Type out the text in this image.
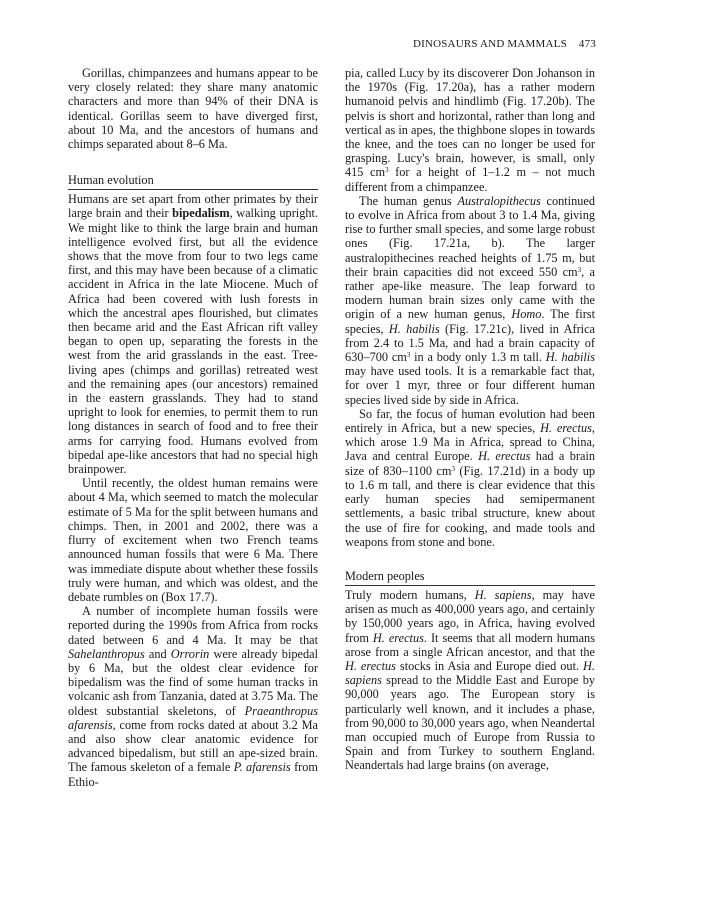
DINOSAURS AND MAMMALS 473

Gorillas, chimpanzees and humans appear to be very closely related: they share many anatomic characters and more than 94% of their DNA is identical. Gorillas seem to have diverged first, about 10 Ma, and the ancestors of humans and chimps separated about 8–6 Ma.

Human evolution

Humans are set apart from other primates by their large brain and their bipedalism, walking upright. We might like to think the large brain and human intelligence evolved first, but all the evidence shows that the move from four to two legs came first, and this may have been because of a climatic accident in Africa in the late Miocene. Much of Africa had been covered with lush forests in which the ancestral apes flourished, but climates then became arid and the East African rift valley began to open up, separating the forests in the west from the arid grasslands in the east. Tree-living apes (chimps and gorillas) retreated west and the remaining apes (our ancestors) remained in the eastern grasslands. They had to stand upright to look for enemies, to permit them to run long distances in search of food and to free their arms for carrying food. Humans evolved from bipedal ape-like ancestors that had no special high brainpower.

Until recently, the oldest human remains were about 4 Ma, which seemed to match the molecular estimate of 5 Ma for the split between humans and chimps. Then, in 2001 and 2002, there was a flurry of excitement when two French teams announced human fossils that were 6 Ma. There was immediate dispute about whether these fossils truly were human, and which was oldest, and the debate rumbles on (Box 17.7).

A number of incomplete human fossils were reported during the 1990s from Africa from rocks dated between 6 and 4 Ma. It may be that Sahelanthropus and Orrorin were already bipedal by 6 Ma, but the oldest clear evidence for bipedalism was the find of some human tracks in volcanic ash from Tanzania, dated at 3.75 Ma. The oldest substantial skeletons, of Praeanthropus afarensis, come from rocks dated at about 3.2 Ma and also show clear anatomic evidence for advanced bipedalism, but still an ape-sized brain. The famous skeleton of a female P. afarensis from Ethio-

pia, called Lucy by its discoverer Don Johanson in the 1970s (Fig. 17.20a), has a rather modern humanoid pelvis and hindlimb (Fig. 17.20b). The pelvis is short and horizontal, rather than long and vertical as in apes, the thighbone slopes in towards the knee, and the toes can no longer be used for grasping. Lucy's brain, however, is small, only 415 $cm^3$ for a height of 1–1.2 m – not much different from a chimpanzee.

The human genus Australopithecus continued to evolve in Africa from about 3 to 1.4 Ma, giving rise to further small species, and some large robust ones (Fig. 17.21a, b). The larger australopithecines reached heights of 1.75 m, but their brain capacities did not exceed 550 $cm^3$, a rather ape-like measure. The leap forward to modern human brain sizes only came with the origin of a new human genus, Homo. The first species, H. habilis (Fig. 17.21c), lived in Africa from 2.4 to 1.5 Ma, and had a brain capacity of 630–700 $cm^3$ in a body only 1.3 m tall. H. habilis may have used tools. It is a remarkable fact that, for over 1 myr, three or four different human species lived side by side in Africa.

So far, the focus of human evolution had been entirely in Africa, but a new species, H. erectus, which arose 1.9 Ma in Africa, spread to China, Java and central Europe. H. erectus had a brain size of 830–1100 $cm^3$ (Fig. 17.21d) in a body up to 1.6 m tall, and there is clear evidence that this early human species had semipermanent settlements, a basic tribal structure, knew about the use of fire for cooking, and made tools and weapons from stone and bone.

Modern peoples

Truly modern humans, H. sapiens, may have arisen as much as 400,000 years ago, and certainly by 150,000 years ago, in Africa, having evolved from H. erectus. It seems that all modern humans arose from a single African ancestor, and that the H. erectus stocks in Asia and Europe died out. H. sapiens spread to the Middle East and Europe by 90,000 years ago. The European story is particularly well known, and it includes a phase, from 90,000 to 30,000 years ago, when Neandertal man occupied much of Europe from Russia to Spain and from Turkey to southern England. Neandertals had large brains (on average,
